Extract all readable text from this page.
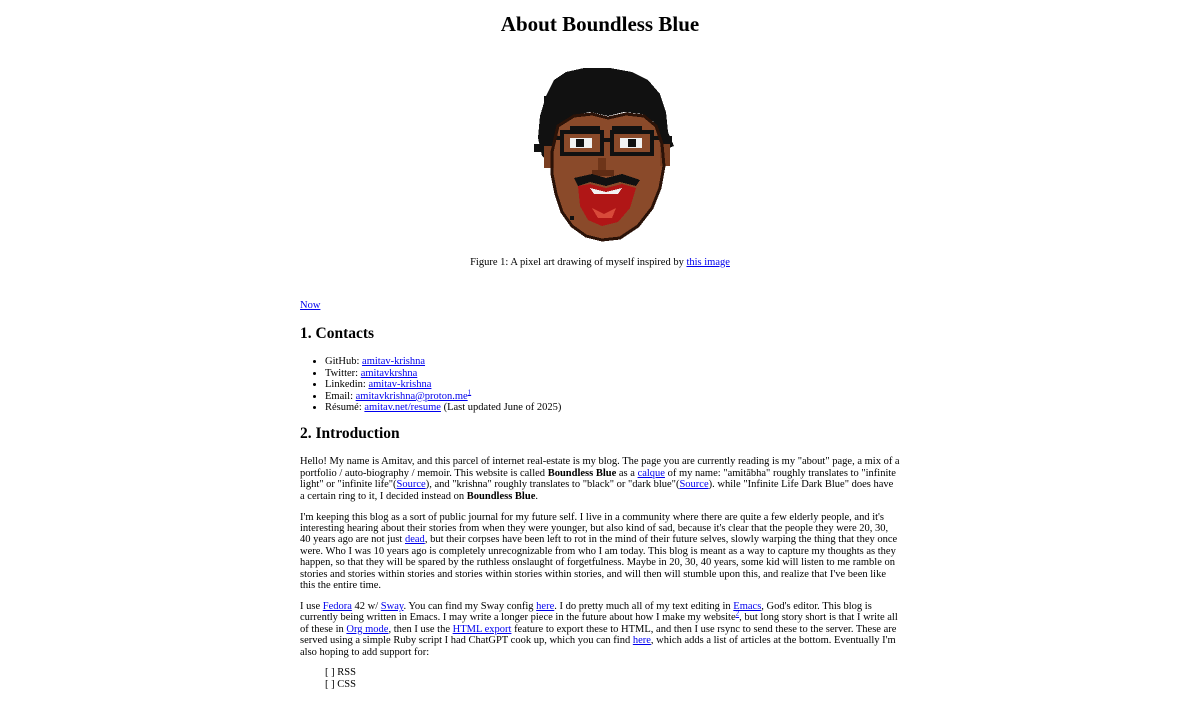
About Boundless Blue
Figure 1: A pixel art drawing of myself inspired by this image
Now
1. Contacts
• GitHub: amitav-krishna
• Twitter: amitavkrshna
• Linkedin: amitav-krishna
• Email: amitavkrishna@proton.me$^1$
• Résumé: amitav.net/resume (Last updated June of 2025)
2. Introduction

Hello! My name is Amitav, and this parcel of internet real-estate is my blog. The page you are currently reading is my "about" page, a mix of a portfolio / auto-biography / memoir. This website is called Boundless Blue as a calque of my name: "amitābha" roughly translates to "infinite light" or "infinite life"(Source), and "krishna" roughly translates to "black" or "dark blue"(Source). while "Infinite Life Dark Blue" does have a certain ring to it, I decided instead on Boundless Blue.

I'm keeping this blog as a sort of public journal for my future self. I live in a community where there are quite a few elderly people, and it's interesting hearing about their stories from when they were younger, but also kind of sad, because it's clear that the people they were 20, 30, 40 years ago are not just dead, but their corpses have been left to rot in the mind of their future selves, slowly warping the thing that they once were. Who I was 10 years ago is completely unrecognizable from who I am today. This blog is meant as a way to capture my thoughts as they happen, so that they will be spared by the ruthless onslaught of forgetfulness. Maybe in 20, 30, 40 years, some kid will listen to me ramble on stories and stories within stories and stories within stories within stories, and will then will stumble upon this, and realize that I've been like this the entire time.

I use Fedora 42 w/ Sway. You can find my Sway config here. I do pretty much all of my text editing in Emacs, God's editor. This blog is currently being written in Emacs. I may write a longer piece in the future about how I make my website$^2$, but long story short is that I write all of these in Org mode, then I use the HTML export feature to export these to HTML, and then I use rsync to send these to the server. These are served using a simple Ruby script I had ChatGPT cook up, which you can find here, which adds a list of articles at the bottom. Eventually I'm also hoping to add support for:

[ ] RSS
[ ] CSS
